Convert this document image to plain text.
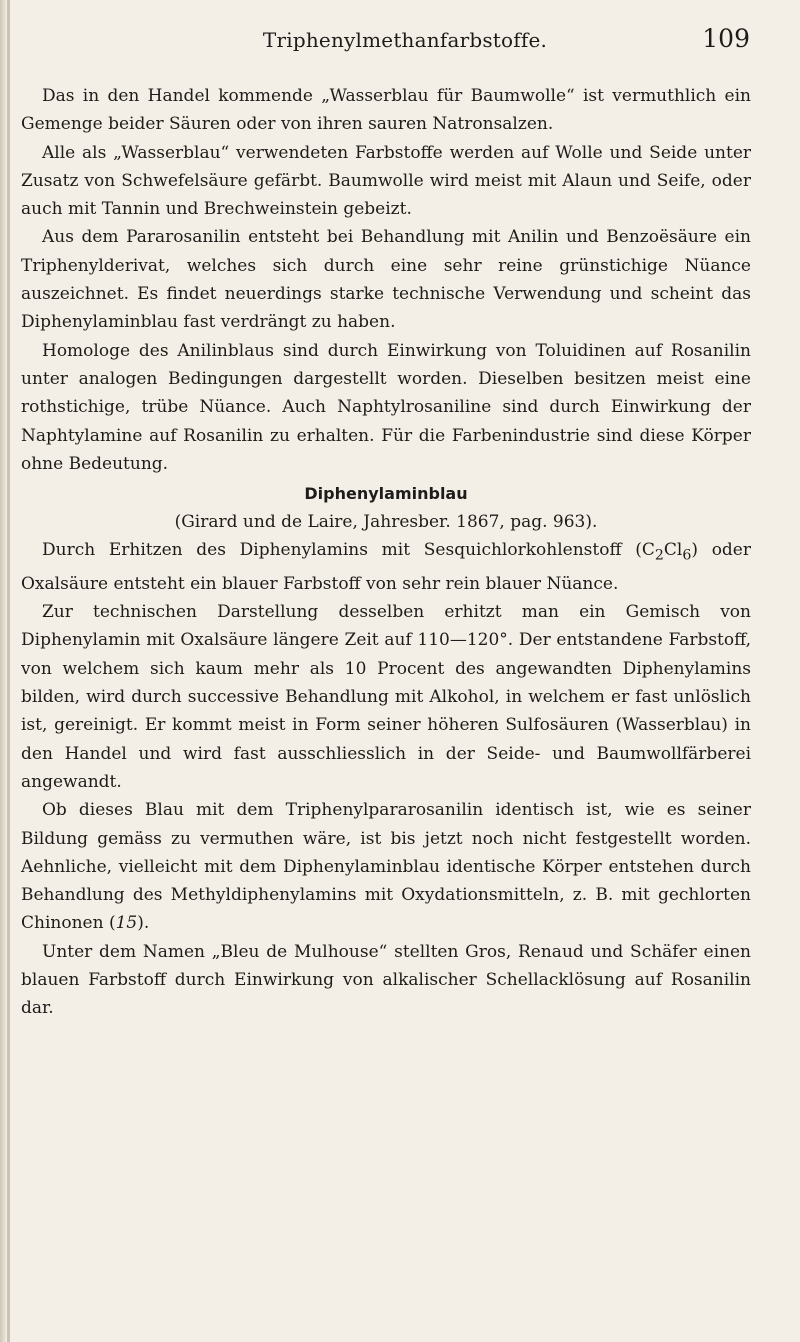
Triphenylmethanfarbstoffe.	109

Das in den Handel kommende „Wasserblau für Baumwolle“ ist vermuthlich ein Gemenge beider Säuren oder von ihren sauren Natronsalzen.

Alle als „Wasserblau“ verwendeten Farbstoffe werden auf Wolle und Seide unter Zusatz von Schwefelsäure gefärbt. Baumwolle wird meist mit Alaun und Seife, oder auch mit Tannin und Brechweinstein gebeizt.

Aus dem Pararosanilin entsteht bei Behandlung mit Anilin und Benzoësäure ein Triphenylderivat, welches sich durch eine sehr reine grünstichige Nüance auszeichnet. Es findet neuerdings starke technische Verwendung und scheint das Diphenylaminblau fast verdrängt zu haben.

Homologe des Anilinblaus sind durch Einwirkung von Toluidinen auf Rosanilin unter analogen Bedingungen dargestellt worden. Dieselben besitzen meist eine rothstichige, trübe Nüance. Auch Naphtylrosaniline sind durch Einwirkung der Naphtylamine auf Rosanilin zu erhalten. Für die Farbenindustrie sind diese Körper ohne Bedeutung.

Diphenylaminblau
(Girard und de Laire, Jahresber. 1867, pag. 963).

Durch Erhitzen des Diphenylamins mit Sesquichlorkohlenstoff $(C_2Cl_6)$ oder Oxalsäure entsteht ein blauer Farbstoff von sehr rein blauer Nüance.

Zur technischen Darstellung desselben erhitzt man ein Gemisch von Diphenylamin mit Oxalsäure längere Zeit auf 110—120°. Der entstandene Farbstoff, von welchem sich kaum mehr als 10 Procent des angewandten Diphenylamins bilden, wird durch successive Behandlung mit Alkohol, in welchem er fast unlöslich ist, gereinigt. Er kommt meist in Form seiner höheren Sulfosäuren (Wasserblau) in den Handel und wird fast ausschliesslich in der Seide- und Baumwollfärberei angewandt.

Ob dieses Blau mit dem Triphenylpararosanilin identisch ist, wie es seiner Bildung gemäss zu vermuthen wäre, ist bis jetzt noch nicht festgestellt worden. Aehnliche, vielleicht mit dem Diphenylaminblau identische Körper entstehen durch Behandlung des Methyldiphenylamins mit Oxydationsmitteln, z. B. mit gechlorten Chinonen (15).

Unter dem Namen „Bleu de Mulhouse“ stellten Gros, Renaud und Schäfer einen blauen Farbstoff durch Einwirkung von alkalischer Schellacklösung auf Rosanilin dar.
